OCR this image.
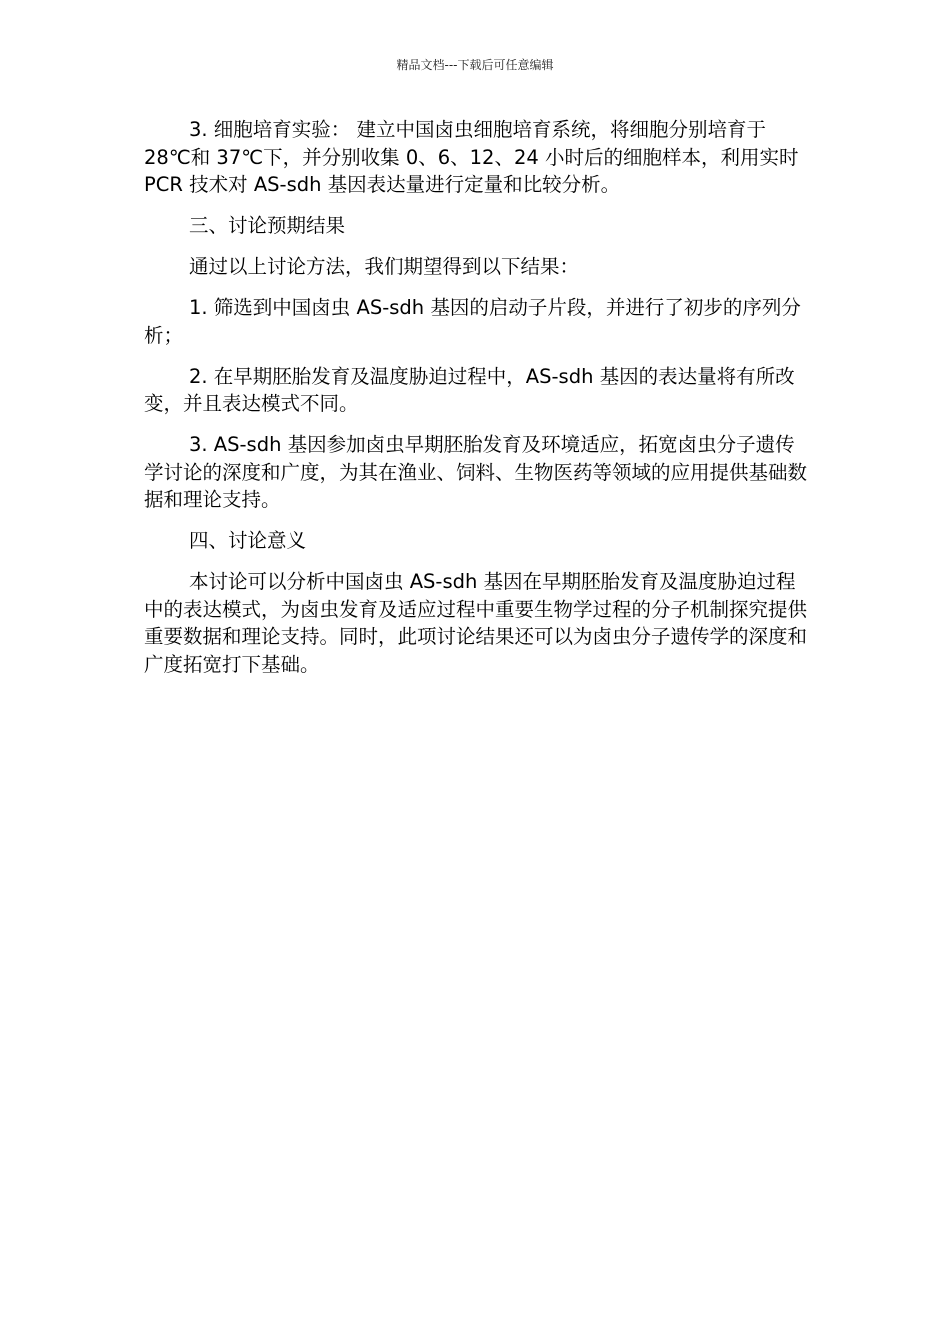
精品文档---下载后可任意编辑

3. 细胞培育实验： 建立中国卤虫细胞培育系统，将细胞分别培育于28℃和 37℃下，并分别收集 0、6、12、24 小时后的细胞样本，利用实时 PCR 技术对 AS-sdh 基因表达量进行定量和比较分析。

三、讨论预期结果

通过以上讨论方法，我们期望得到以下结果：

1. 筛选到中国卤虫 AS-sdh 基因的启动子片段，并进行了初步的序列分析；

2. 在早期胚胎发育及温度胁迫过程中，AS-sdh 基因的表达量将有所改变，并且表达模式不同。

3. AS-sdh 基因参加卤虫早期胚胎发育及环境适应，拓宽卤虫分子遗传学讨论的深度和广度，为其在渔业、饲料、生物医药等领域的应用提供基础数据和理论支持。

四、讨论意义

本讨论可以分析中国卤虫 AS-sdh 基因在早期胚胎发育及温度胁迫过程中的表达模式，为卤虫发育及适应过程中重要生物学过程的分子机制探究提供重要数据和理论支持。同时，此项讨论结果还可以为卤虫分子遗传学的深度和广度拓宽打下基础。
